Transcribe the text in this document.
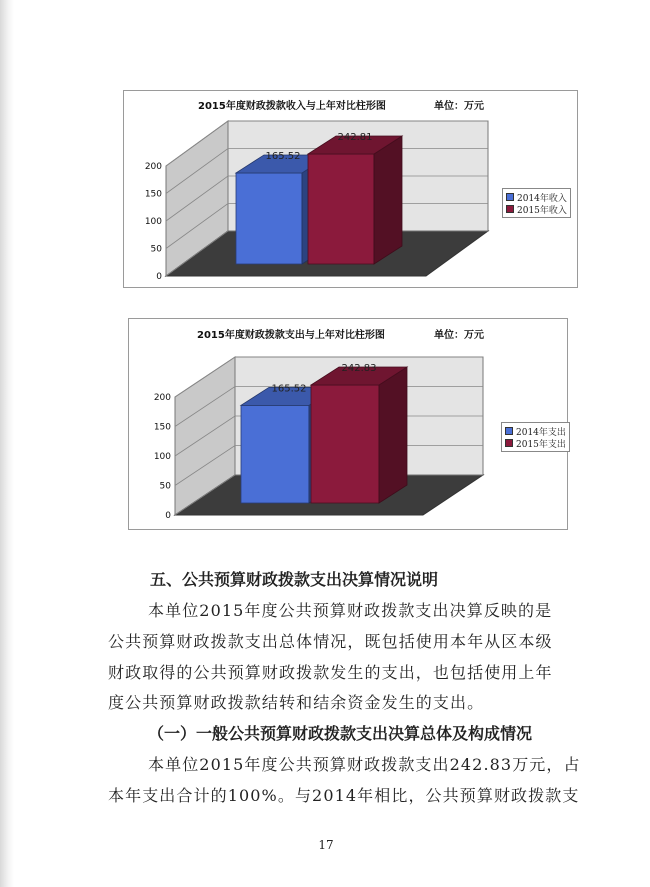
2015年度财政拨款收入与上年对比柱形图	单位：万元
0
50
100
150
200
165.52
242.81
2014年收入
2015年收入
2015年度财政拨款支出与上年对比柱形图	单位：万元
0
50
100
150
200
165.52
242.83
2014年支出
2015年支出
五、公共预算财政拨款支出决算情况说明
本单位2015年度公共预算财政拨款支出决算反映的是
公共预算财政拨款支出总体情况，既包括使用本年从区本级
财政取得的公共预算财政拨款发生的支出，也包括使用上年
度公共预算财政拨款结转和结余资金发生的支出。
（一）一般公共预算财政拨款支出决算总体及构成情况
本单位2015年度公共预算财政拨款支出242.83万元，占
本年支出合计的100%。与2014年相比，公共预算财政拨款支
17
